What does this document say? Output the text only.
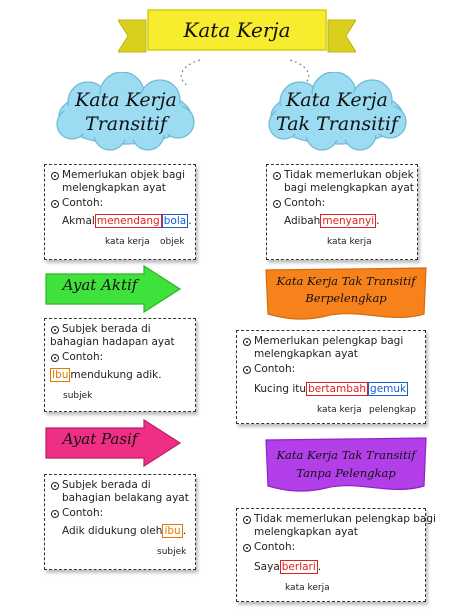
Kata Kerja
Kata Kerja
Transitif
Kata Kerja
Tak Transitif
Memerlukan objek bagi
melengkapkan ayat
Contoh:
Akmal menendang bola .
kata kerja objek
Tidak memerlukan objek
bagi melengkapkan ayat
Contoh:
Adibah menyanyi .
kata kerja
Ayat Aktif
Subjek berada di
bahagian hadapan ayat
Contoh:
Ibu mendukung adik.
subjek
Ayat Pasif
Subjek berada di
bahagian belakang ayat
Contoh:
Adik didukung oleh ibu .
subjek
Kata Kerja Tak Transitif
Berpelengkap
Memerlukan pelengkap bagi
melengkapkan ayat
Contoh:
Kucing itu bertambah gemuk
kata kerja pelengkap
Kata Kerja Tak Transitif
Tanpa Pelengkap
Tidak memerlukan pelengkap bagi
melengkapkan ayat
Contoh:
Saya berlari .
kata kerja
